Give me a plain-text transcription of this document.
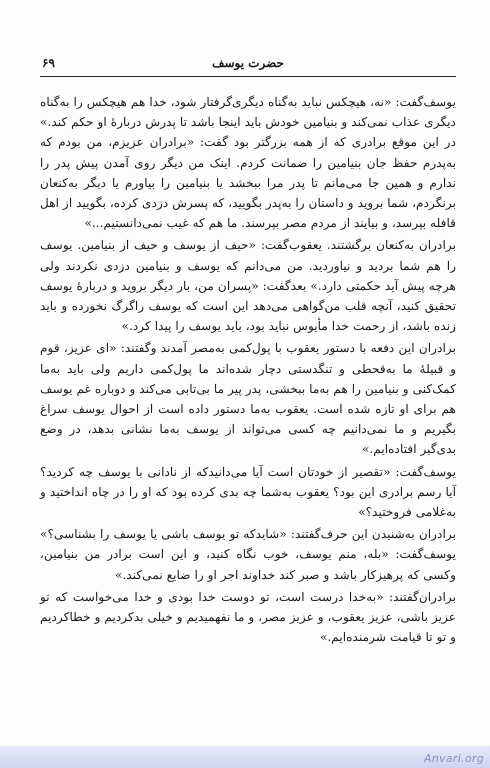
حضرت يوسف
۶۹

يوسف‌گفت: «نه، هيچکس نبايد به‌گناه ديگرى‌گرفتار شود، خدا هم هيچکس را به‌گناه ديگرى عذاب نمى‌کند و بنيامين خودش بايد اينجا باشد تا پدرش دربارهٔ او حکم کند.» در اين موقع برادرى که از همه بزرگتر بود گفت: «برادران عزيزم، من بودم که به‌پدرم حفظ جان بنيامين را ضمانت کردم. اينک من ديگر روى آمدن پيش پدر را ندارم و همين جا مى‌مانم تا پدر مرا ببخشد يا بنيامين را بياورم يا ديگر به‌کنعان برنگردم، شما برويد و داستان را به‌پدر بگوييد، که پسرش دزدى کرده، بگوييد از اهل قافله بپرسد، و بيايند از مردم مصر بپرسند. ما هم که غيب نمى‌دانستيم...»

برادران به‌کنعان برگشتند. يعقوب‌گفت: «حيف از يوسف و حيف از بنيامين. يوسف را هم شما برديد و نياورديد. من مى‌دانم که يوسف و بنيامين دزدى نکردند ولى هرچه پيش آيد حکمتى دارد.» بعدگفت: «پسران من، بار ديگر برويد و دربارهٔ يوسف تحقيق کنيد، آنچه قلب من‌گواهى مى‌دهد اين است که يوسف راگرگ نخورده و بايد زنده باشد، از رحمت خدا مأيوس نبايد بود، بايد يوسف را پيدا کرد.»

برادران اين دفعه با دستور يعقوب با پول‌کمى به‌مصر آمدند وگفتند: «اى عزيز، قوم و قبيلهٔ ما به‌قحطى و تنگدستى دچار شده‌اند ما پول‌کمى داريم ولى بايد به‌ما کمک‌کنى و بنيامين را هم به‌ما ببخشى، پدر پير ما بى‌تابى مى‌کند و دوباره غم يوسف هم براى او تازه شده است. يعقوب به‌ما دستور داده است از احوال يوسف سراغ بگيريم و ما نمى‌دانيم چه کسى مى‌تواند از يوسف به‌ما نشانى بدهد، در وضع بدى‌گير افتاده‌ايم.»

يوسف‌گفت: «تقصير از خودتان است آيا مى‌دانيدکه از نادانى با يوسف چه کرديد؟ آيا رسم برادرى اين بود؟ يعقوب به‌شما چه بدى کرده بود که او را در چاه انداختيد و به‌غلامى فروختيد؟»

برادران به‌شنيدن اين حرف‌گفتند: «شايدکه تو يوسف باشى يا يوسف را بشناسى؟» يوسف‌گفت: «بله، منم يوسف، خوب نگاه کنيد، و اين است برادر من بنيامين، وکسى که پرهيزکار باشد و صبر کند خداوند اجر او را ضايع نمى‌کند.»

برادران‌گفتند: «به‌خدا درست است، تو دوست خدا بودى و خدا مى‌خواست که تو عزيز باشى، عزيز يعقوب، و عزيز مصر، و ما نفهميديم و خيلى بدکرديم و خطاکرديم و تو تا قيامت شرمنده‌ايم.»

Anvari.org
